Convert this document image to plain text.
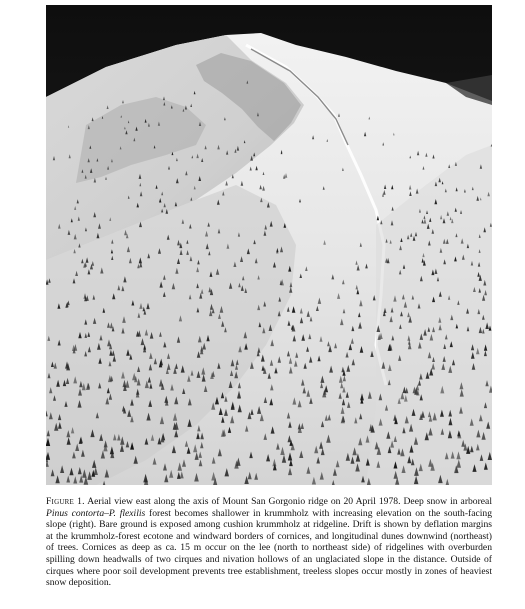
Figure 1. Aerial view east along the axis of Mount San Gorgonio ridge on 20 April 1978. Deep snow in arboreal Pinus contorta–P. flexilis forest becomes shallower in krummholz with increasing elevation on the south-facing slope (right). Bare ground is exposed among cushion krummholz at ridgeline. Drift is shown by deflation margins at the krummholz-forest ecotone and windward borders of cornices, and longitudinal dunes downwind (northeast) of trees. Cornices as deep as ca. 15 m occur on the lee (north to northeast side) of ridgelines with overburden spilling down headwalls of two cirques and nivation hollows of an unglaciated slope in the distance. Outside of cirques where poor soil development prevents tree establishment, treeless slopes occur mostly in zones of heaviest snow deposition.
